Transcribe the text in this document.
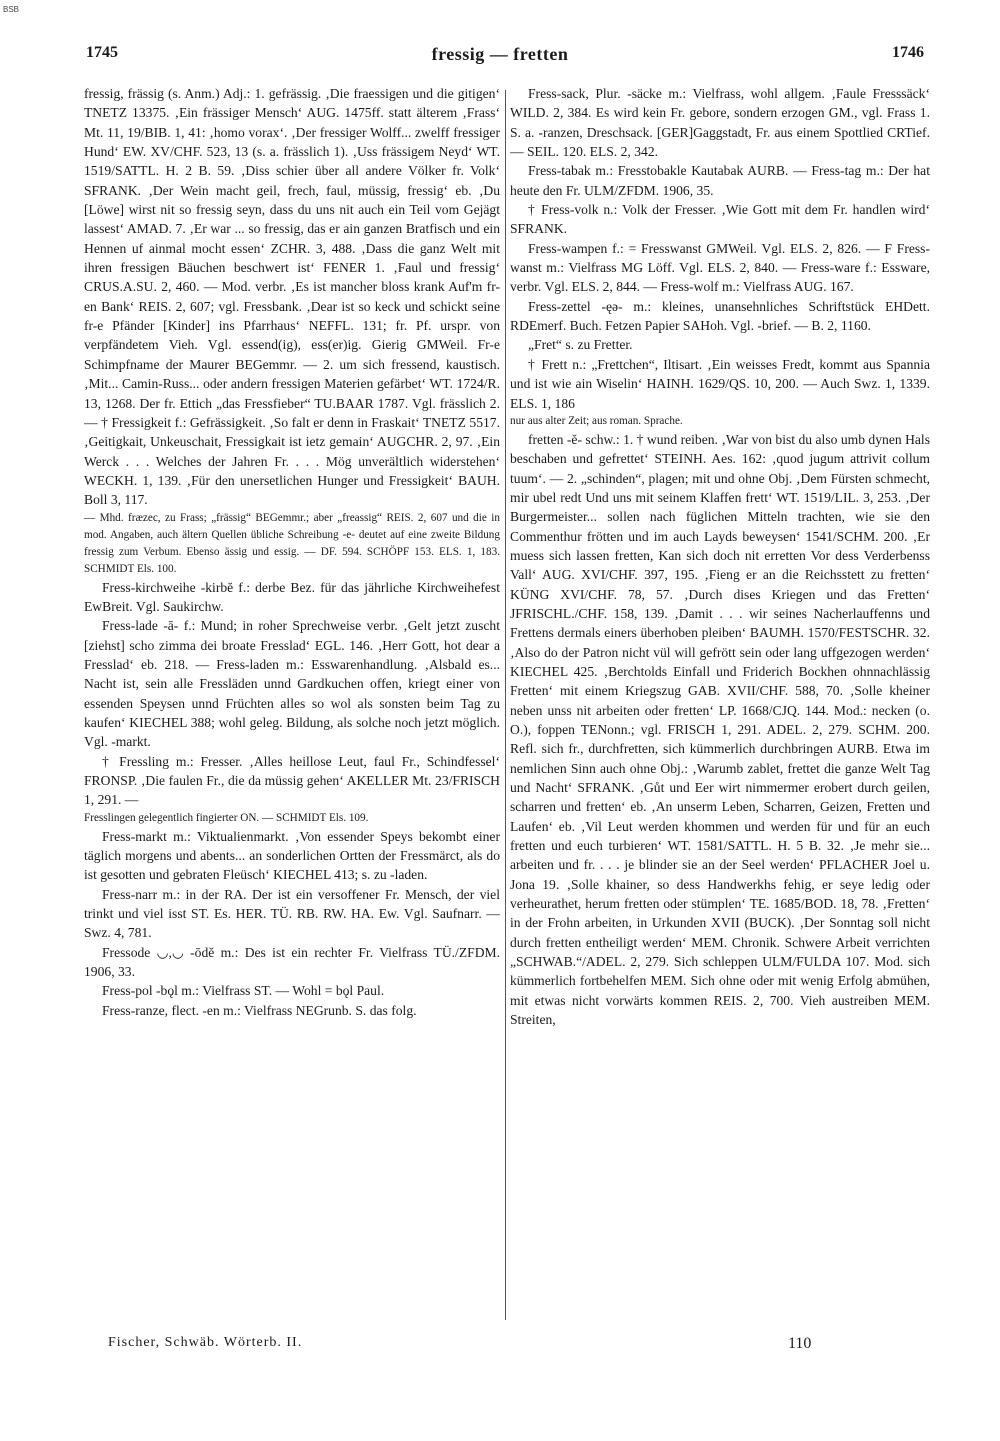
BSB
1745	fressig — fretten	1746

fressig, frässig (s. Anm.) Adj.: 1. gefrässig. ‚Die fraessigen und die gitigen‘ TNETZ 13375. ‚Ein frässiger Mensch‘ AUG. 1475ff. statt älterem ‚Frass‘ Mt. 11, 19/BIB. 1, 41: ‚homo vorax‘. ‚Der fressiger Wolff... zwelff fressiger Hund‘ EW. XV/CHF. 523, 13 (s. a. frässlich 1). ‚Uss frässigem Neyd‘ WT. 1519/SATTL. H. 2 B. 59. ‚Diss schier über all andere Völker fr. Volk‘ SFRANK. ‚Der Wein macht geil, frech, faul, müssig, fressig‘ eb. ‚Du [Löwe] wirst nit so fressig seyn, dass du uns nit auch ein Teil vom Gejägt lassest‘ AMAD. 7. ‚Er war ... so fressig, das er ain ganzen Bratfisch und ein Hennen uf ainmal mocht essen‘ ZCHR. 3, 488. ‚Dass die ganz Welt mit ihren fressigen Bäuchen beschwert ist‘ FENER 1. ‚Faul und fressig‘ CRUS.A.SU. 2, 460. — Mod. verbr. ‚Es ist mancher bloss krank Auf'm fr-en Bank‘ REIS. 2, 607; vgl. Fressbank. ‚Dear ist so keck und schickt seine fr-e Pfänder [Kinder] ins Pfarrhaus‘ NEFFL. 131; fr. Pf. urspr. von verpfändetem Vieh. Vgl. essend(ig), ess(er)ig. Gierig GMWeil. Fr-e Schimpfname der Maurer BEGemmr. — 2. um sich fressend, kaustisch. ‚Mit... Camin-Russ... oder andern fressigen Materien gefärbet‘ WT. 1724/R. 13, 1268. Der fr. Ettich „das Fressfieber“ TU.BAAR 1787. Vgl. frässlich 2. — † Fressigkeit f.: Gefrässigkeit. ‚So falt er denn in Fraskait‘ TNETZ 5517. ‚Geitigkait, Unkeuschait, Fressigkait ist ietz gemain‘ AUGCHR. 2, 97. ‚Ein Werck . . . Welches der Jahren Fr. . . . Mög unverältlich widerstehen‘ WECKH. 1, 139. ‚Für den unersetlichen Hunger und Fressigkeit‘ BAUH. Boll 3, 117.

— Mhd. fræzec, zu Frass; „frässig“ BEGemmr.; aber „freassig“ REIS. 2, 607 und die in mod. Angaben, auch ältern Quellen übliche Schreibung -e- deutet auf eine zweite Bildung fressig zum Verbum. Ebenso ässig und essig. — DF. 594. SCHÖPF 153. ELS. 1, 183. SCHMIDT Els. 100.

Fress-kirchweihe -kirbĕ f.: derbe Bez. für das jährliche Kirchweihefest EwBreit. Vgl. Saukirchw.

Fress-lade -ā- f.: Mund; in roher Sprechweise verbr. ‚Gelt jetzt zuscht [ziehst] scho zimma dei broate Fresslad‘ EGL. 146. ‚Herr Gott, hot dear a Fresslad‘ eb. 218. — Fress-laden m.: Esswarenhandlung. ‚Alsbald es... Nacht ist, sein alle Fressläden unnd Gardkuchen offen, kriegt einer von essenden Speysen unnd Früchten alles so wol als sonsten beim Tag zu kaufen‘ KIECHEL 388; wohl geleg. Bildung, als solche noch jetzt möglich. Vgl. -markt.

† Fressling m.: Fresser. ‚Alles heillose Leut, faul Fr., Schindfessel‘ FRONSP. ‚Die faulen Fr., die da müssig gehen‘ AKELLER Mt. 23/FRISCH 1, 291. —

Fresslingen gelegentlich fingierter ON. — SCHMIDT Els. 109.

Fress-markt m.: Viktualienmarkt. ‚Von essender Speys bekombt einer täglich morgens und abents... an sonderlichen Ortten der Fressmärct, als do ist gesotten und gebraten Fleüsch‘ KIECHEL 413; s. zu -laden.

Fress-narr m.: in der RA. Der ist ein versoffener Fr. Mensch, der viel trinkt und viel isst ST. Es. HER. TÜ. RB. RW. HA. Ew. Vgl. Saufnarr. — Swz. 4, 781.

Fressode ◡,◡ -ōdĕ m.: Des ist ein rechter Fr. Vielfrass TÜ./ZFDM. 1906, 33.

Fress-pol -bǫl m.: Vielfrass ST. — Wohl = bǫl Paul.

Fress-ranze, flect. -en m.: Vielfrass NEGrunb. S. das folg.

Fress-sack, Plur. -säcke m.: Vielfrass, wohl allgem. ‚Faule Fresssäck‘ WILD. 2, 384. Es wird kein Fr. gebore, sondern erzogen GM., vgl. Frass 1. S. a. -ranzen, Dreschsack. [GER]Gaggstadt, Fr. aus einem Spottlied CRTief. — SEIL. 120. ELS. 2, 342.

Fress-tabak m.: Fresstobakle Kautabak AURB. — Fress-tag m.: Der hat heute den Fr. ULM/ZFDM. 1906, 35.

† Fress-volk n.: Volk der Fresser. ‚Wie Gott mit dem Fr. handlen wird‘ SFRANK.

Fress-wampen f.: = Fresswanst GMWeil. Vgl. ELS. 2, 826. — F Fress-wanst m.: Vielfrass MG Löff. Vgl. ELS. 2, 840. — Fress-ware f.: Essware, verbr. Vgl. ELS. 2, 844. — Fress-wolf m.: Vielfrass AUG. 167.

Fress-zettel -ęə- m.: kleines, unansehnliches Schriftstück EHDett. RDEmerf. Buch. Fetzen Papier SAHoh. Vgl. -brief. — B. 2, 1160.

„Fret“ s. zu Fretter.

† Frett n.: „Frettchen“, Iltisart. ‚Ein weisses Fredt, kommt aus Spannia und ist wie ain Wiselin‘ HAINH. 1629/QS. 10, 200. — Auch Swz. 1, 1339. ELS. 1, 186

nur aus alter Zeit; aus roman. Sprache.

fretten -ĕ- schw.: 1. † wund reiben. ‚War von bist du also umb dynen Hals beschaben und gefrettet‘ STEINH. Aes. 162: ‚quod jugum attrivit collum tuum‘. — 2. „schinden“, plagen; mit und ohne Obj. ‚Dem Fürsten schmecht, mir ubel redt Und uns mit seinem Klaffen frett‘ WT. 1519/LIL. 3, 253. ‚Der Burgermeister... sollen nach füglichen Mitteln trachten, wie sie den Commenthur frötten und im auch Layds beweysen‘ 1541/SCHM. 200. ‚Er muess sich lassen fretten, Kan sich doch nit erretten Vor dess Verderbenss Vall‘ AUG. XVI/CHF. 397, 195. ‚Fieng er an die Reichsstett zu fretten‘ KÜNG XVI/CHF. 78, 57. ‚Durch dises Kriegen und das Fretten‘ JFRISCHL./CHF. 158, 139. ‚Damit . . . wir seines Nacherlauffenns und Frettens dermals einers überhoben pleiben‘ BAUMH. 1570/FESTSCHR. 32. ‚Also do der Patron nicht vül will gefrött sein oder lang uffgezogen werden‘ KIECHEL 425. ‚Berchtolds Einfall und Friderich Bockhen ohnnachlässig Fretten‘ mit einem Kriegszug GAB. XVII/CHF. 588, 70. ‚Solle kheiner neben unss nit arbeiten oder fretten‘ LP. 1668/CJQ. 144. Mod.: necken (o. O.), foppen TENonn.; vgl. FRISCH 1, 291. ADEL. 2, 279. SCHM. 200. Refl. sich fr., durchfretten, sich kümmerlich durchbringen AURB. Etwa im nemlichen Sinn auch ohne Obj.: ‚Warumb zablet, frettet die ganze Welt Tag und Nacht‘ SFRANK. ‚Gůt und Eer wirt nimmermer erobert durch geilen, scharren und fretten‘ eb. ‚An unserm Leben, Scharren, Geizen, Fretten und Laufen‘ eb. ‚Vil Leut werden khommen und werden für und für an euch fretten und euch turbieren‘ WT. 1581/SATTL. H. 5 B. 32. ‚Je mehr sie... arbeiten und fr. . . . je blinder sie an der Seel werden‘ PFLACHER Joel u. Jona 19. ‚Solle khainer, so dess Handwerkhs fehig, er seye ledig oder verheurathet, herum fretten oder stümplen‘ TE. 1685/BOD. 18, 78. ‚Fretten‘ in der Frohn arbeiten, in Urkunden XVII (BUCK). ‚Der Sonntag soll nicht durch fretten entheiligt werden‘ MEM. Chronik. Schwere Arbeit verrichten „SCHWAB.“/ADEL. 2, 279. Sich schleppen ULM/FULDA 107. Mod. sich kümmerlich fortbehelfen MEM. Sich ohne oder mit wenig Erfolg abmühen, mit etwas nicht vorwärts kommen REIS. 2, 700. Vieh austreiben MEM. Streiten,

Fischer, Schwäb. Wörterb. II.	110
